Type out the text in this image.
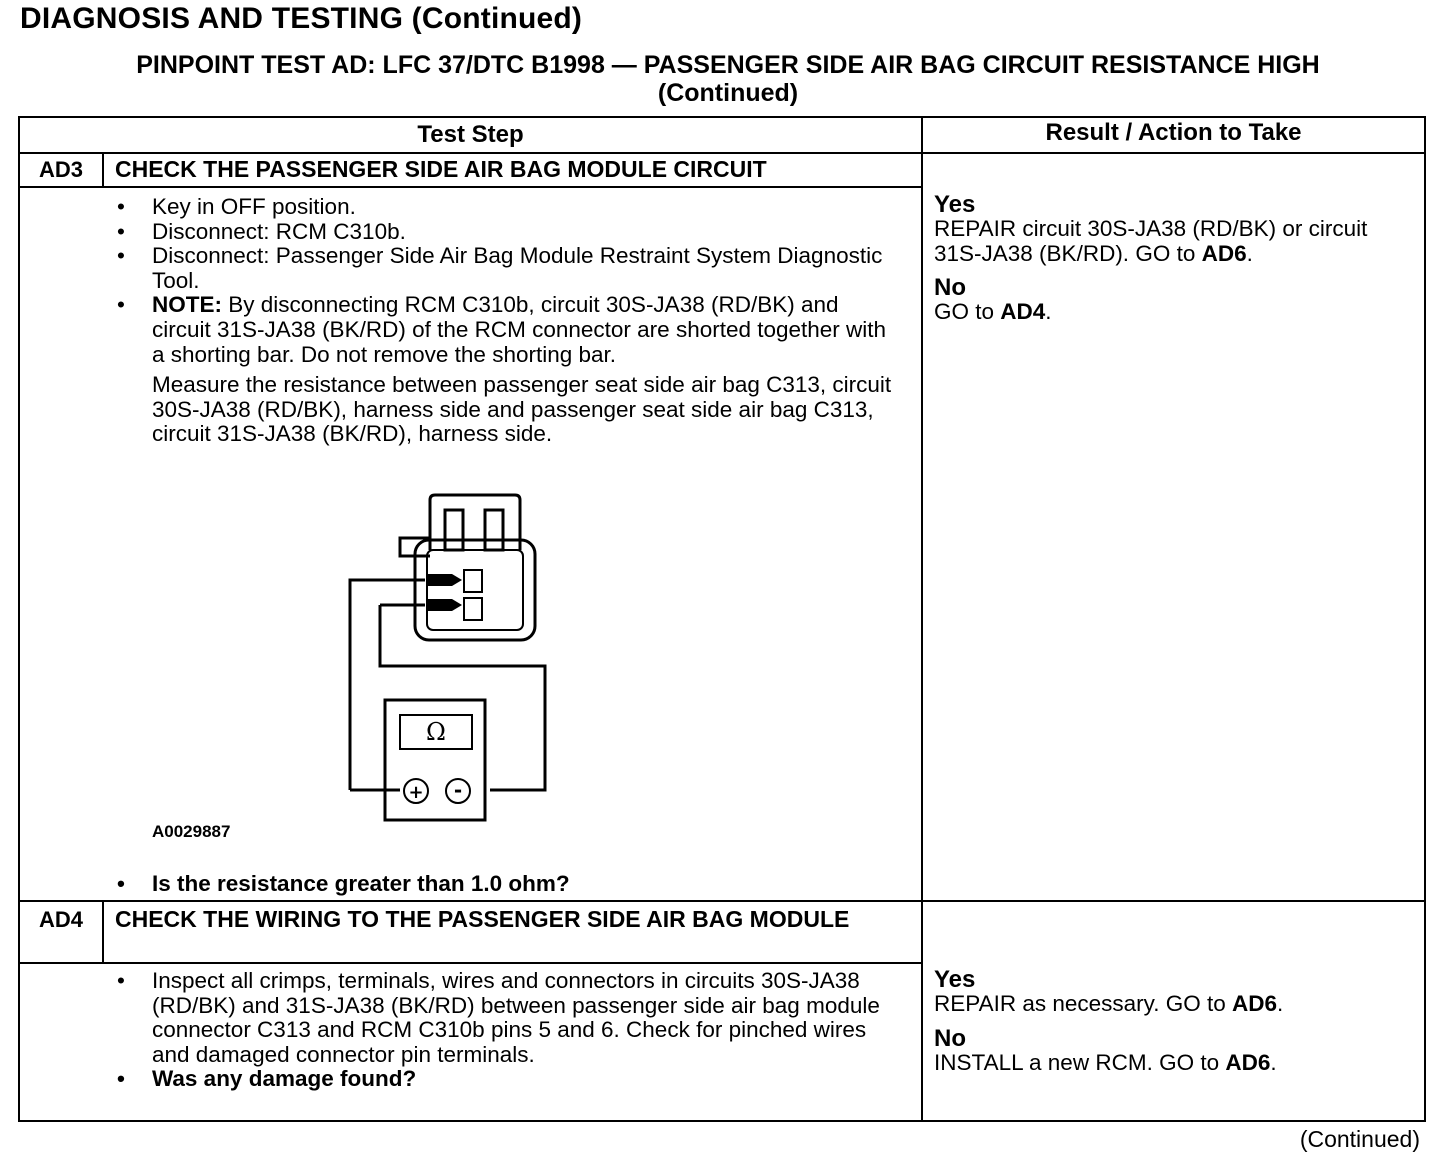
DIAGNOSIS AND TESTING (Continued)
PINPOINT TEST AD: LFC 37/DTC B1998 — PASSENGER SIDE AIR BAG CIRCUIT RESISTANCE HIGH
(Continued)
Test Step	Result / Action to Take
AD3	CHECK THE PASSENGER SIDE AIR BAG MODULE CIRCUIT
• Key in OFF position.
• Disconnect: RCM C310b.
• Disconnect: Passenger Side Air Bag Module Restraint System Diagnostic Tool.
• NOTE: By disconnecting RCM C310b, circuit 30S-JA38 (RD/BK) and circuit 31S-JA38 (BK/RD) of the RCM connector are shorted together with a shorting bar. Do not remove the shorting bar.
Measure the resistance between passenger seat side air bag C313, circuit 30S-JA38 (RD/BK), harness side and passenger seat side air bag C313, circuit 31S-JA38 (BK/RD), harness side.
Ω
+ -
A0029887
• Is the resistance greater than 1.0 ohm?
Yes
REPAIR circuit 30S-JA38 (RD/BK) or circuit 31S-JA38 (BK/RD). GO to AD6.
No
GO to AD4.
AD4	CHECK THE WIRING TO THE PASSENGER SIDE AIR BAG MODULE
• Inspect all crimps, terminals, wires and connectors in circuits 30S-JA38 (RD/BK) and 31S-JA38 (BK/RD) between passenger side air bag module connector C313 and RCM C310b pins 5 and 6. Check for pinched wires and damaged connector pin terminals.
• Was any damage found?
Yes
REPAIR as necessary. GO to AD6.
No
INSTALL a new RCM. GO to AD6.
(Continued)
